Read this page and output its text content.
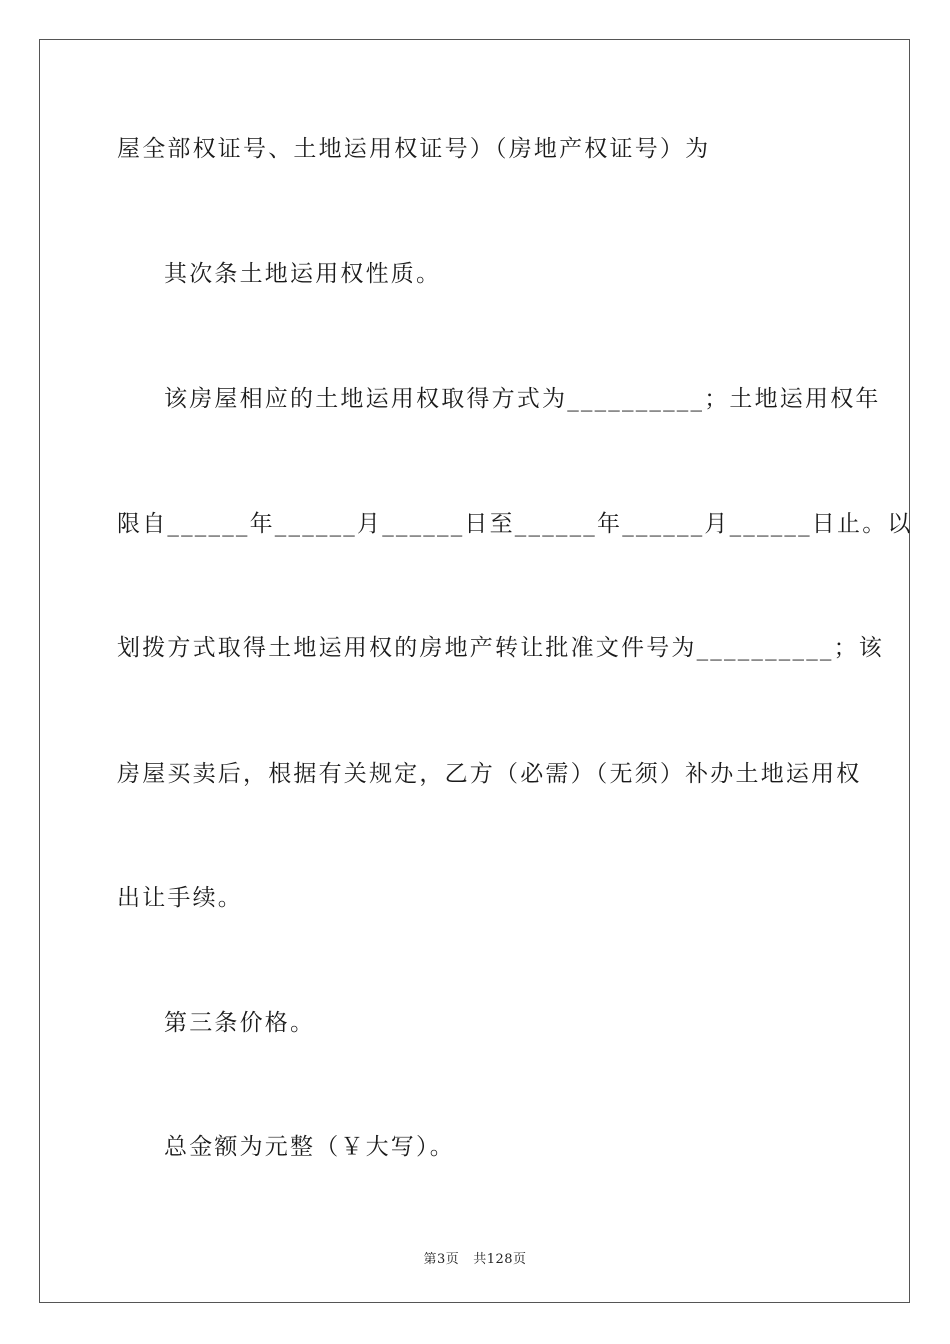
屋全部权证号、土地运用权证号）（房地产权证号）为
其次条土地运用权性质。
该房屋相应的土地运用权取得方式为__________；土地运用权年
限自______年______月______日至______年______月______日止。以
划拨方式取得土地运用权的房地产转让批准文件号为__________；该
房屋买卖后，根据有关规定，乙方（必需）（无须）补办土地运用权
出让手续。
第三条价格。
总金额为元整（￥大写）。
第3页 共128页
